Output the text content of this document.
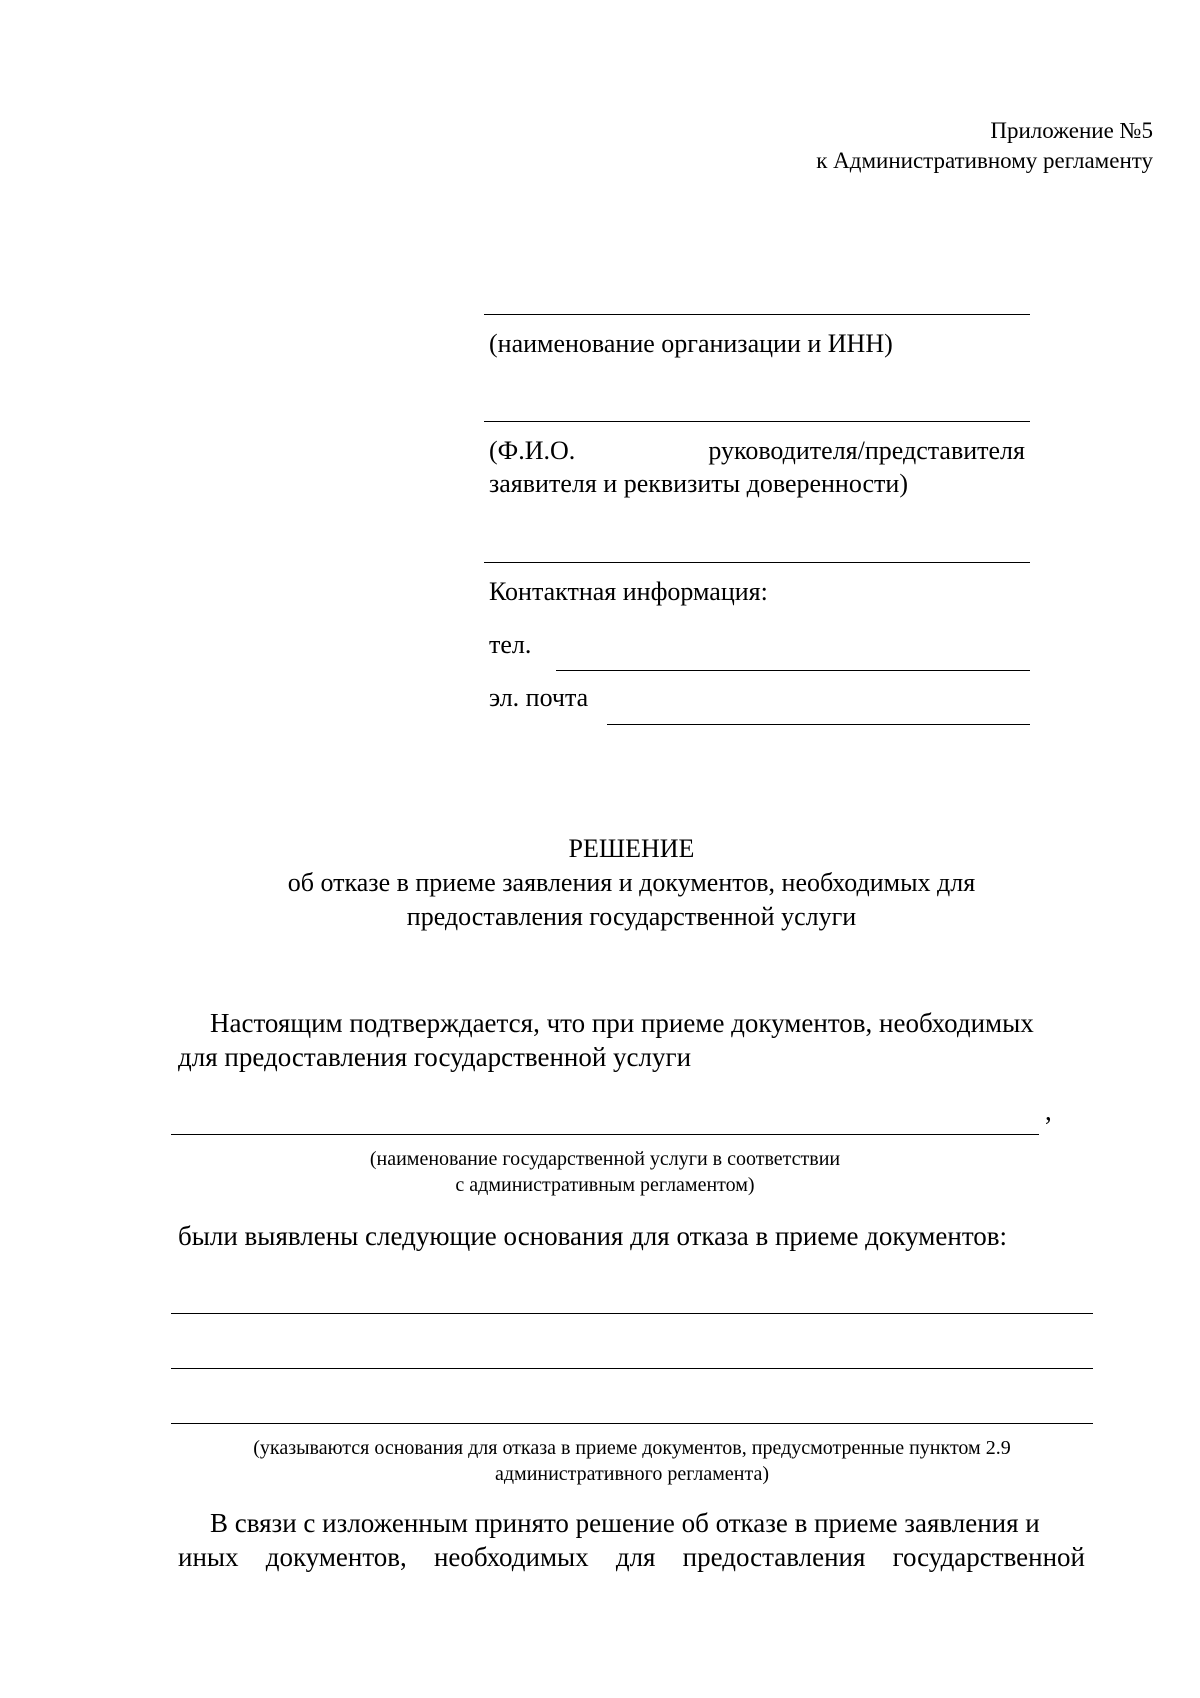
Приложение №5
к Административному регламенту
(наименование организации и ИНН)
(Ф.И.О.	руководителя/представителя
заявителя и реквизиты доверенности)
Контактная информация:
тел.
эл. почта
РЕШЕНИЕ
об отказе в приеме заявления и документов, необходимых для
предоставления государственной услуги
Настоящим подтверждается, что при приеме документов, необходимых
для предоставления государственной услуги
,
(наименование государственной услуги в соответствии
с административным регламентом)
были выявлены следующие основания для отказа в приеме документов:
(указываются основания для отказа в приеме документов, предусмотренные пунктом 2.9
административного регламента)
В связи с изложенным принято решение об отказе в приеме заявления и
иных документов, необходимых для предоставления государственной
